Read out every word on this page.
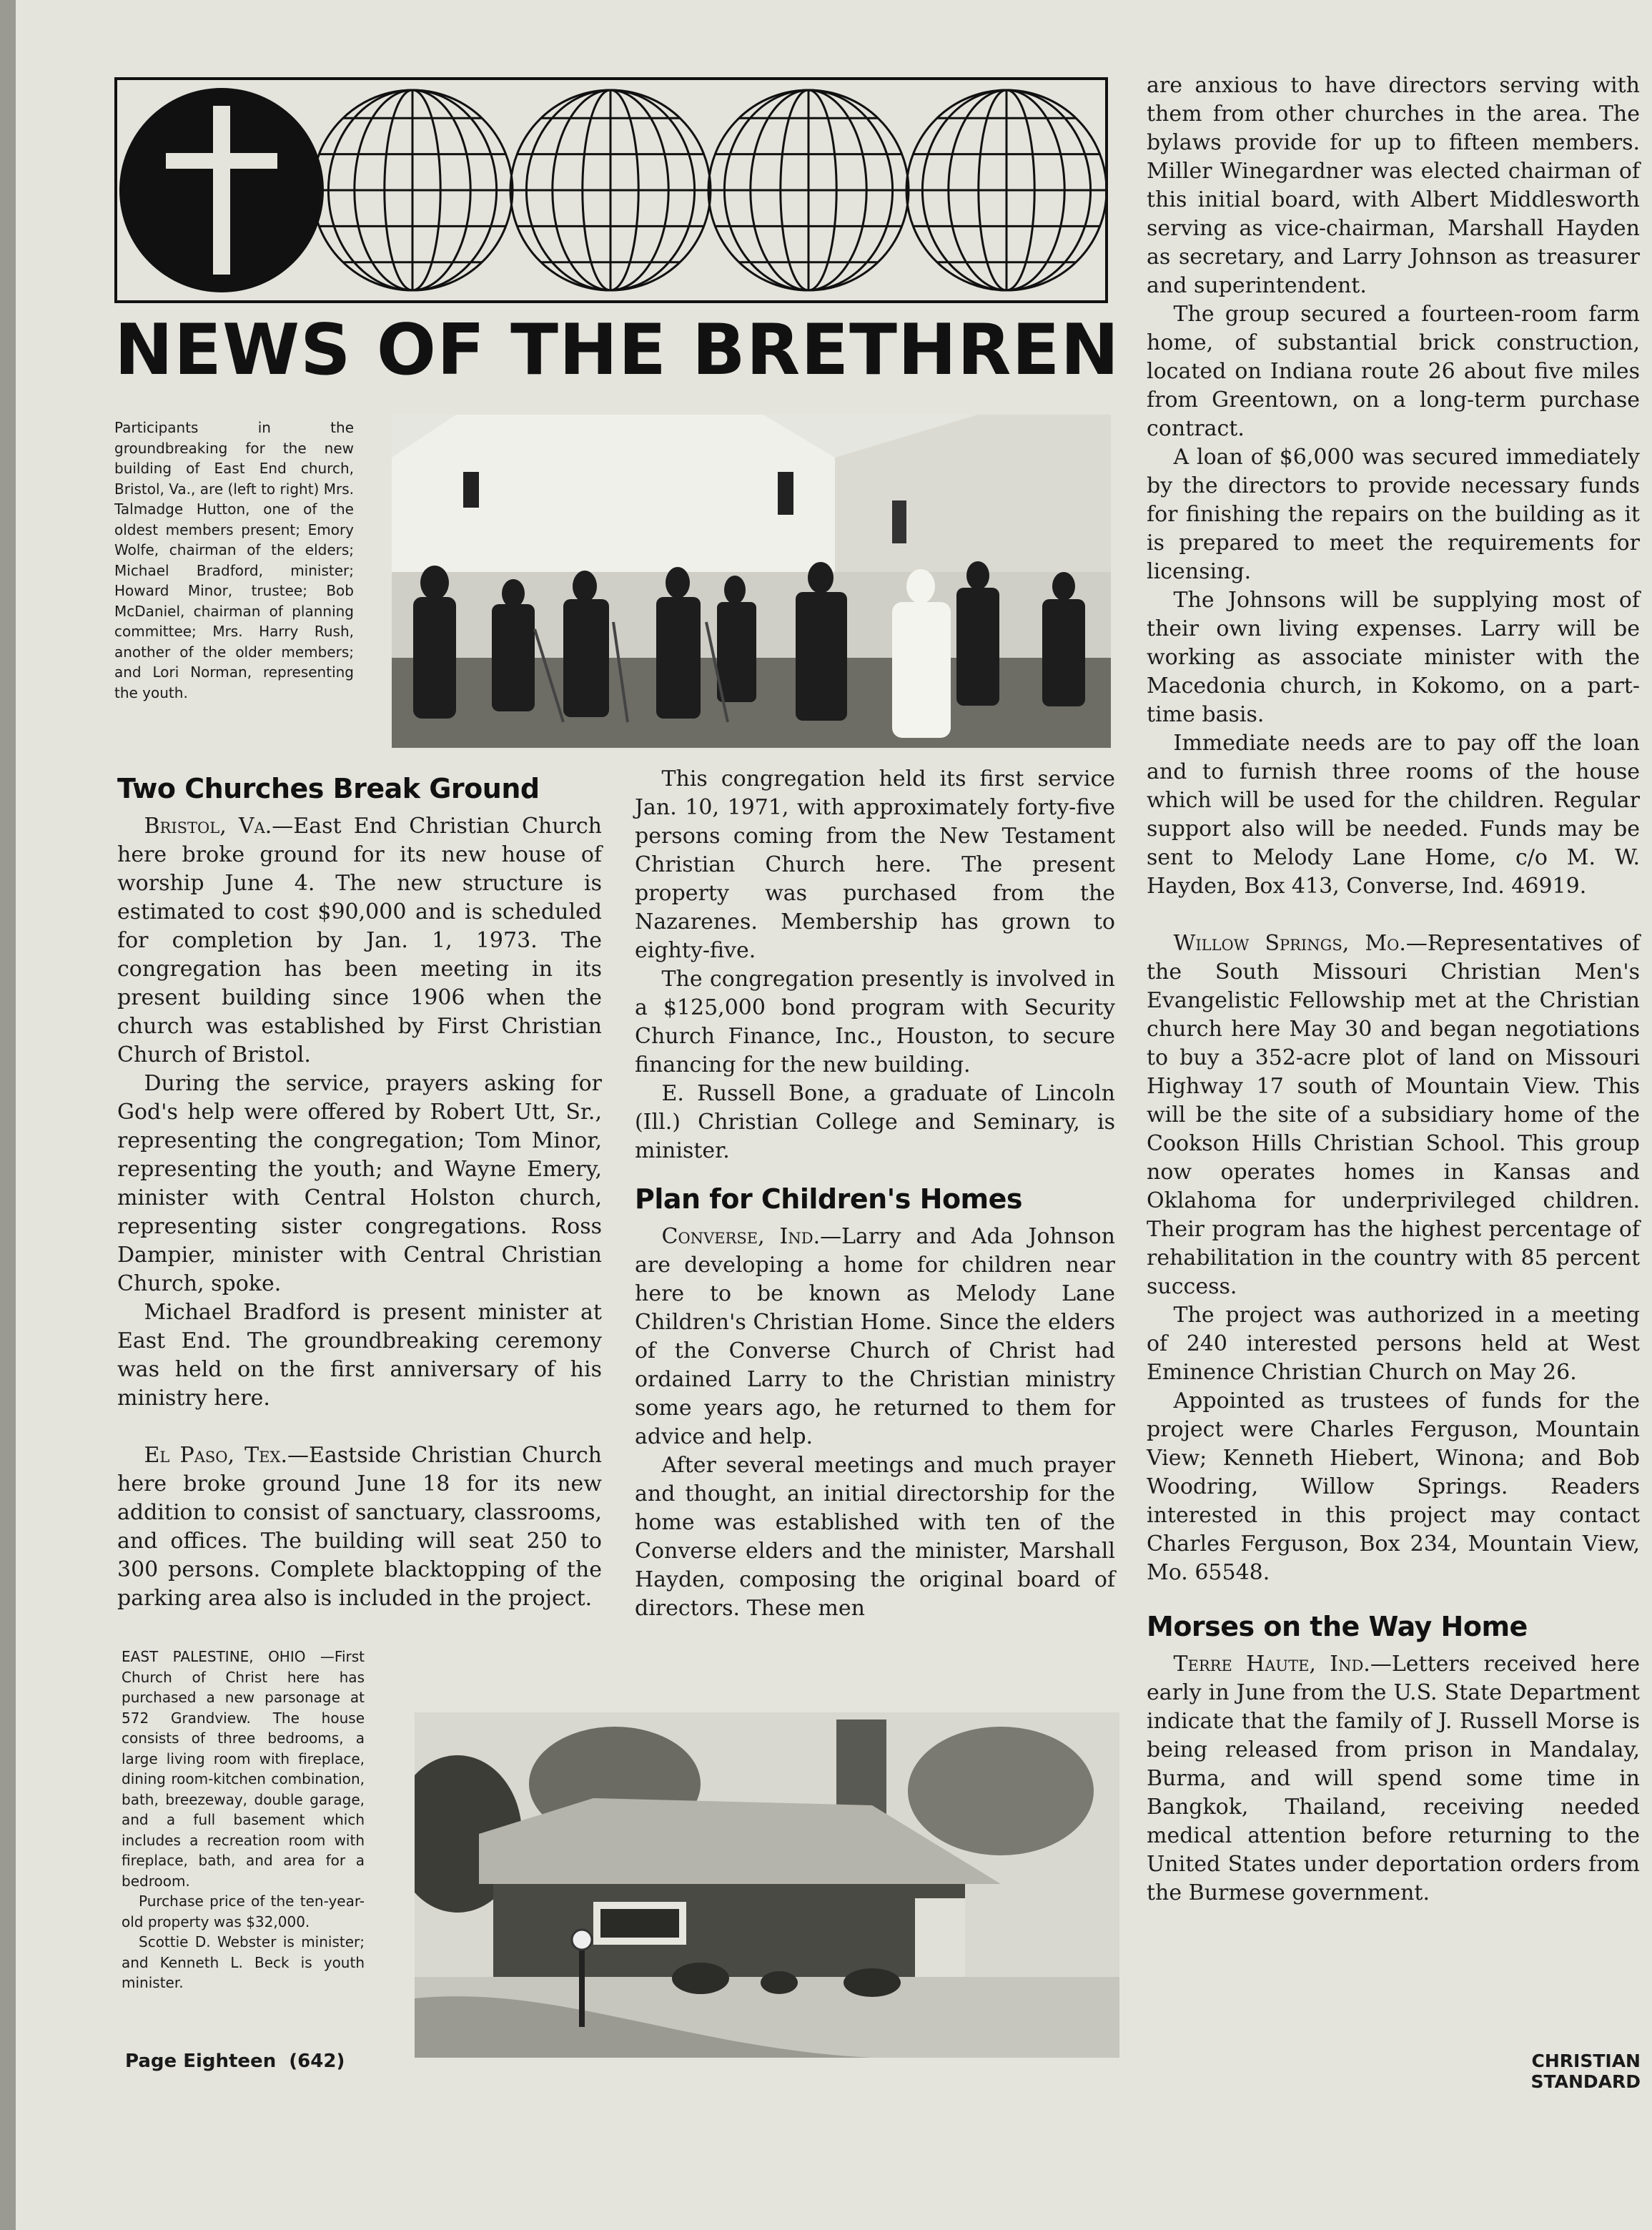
NEWS OF THE BRETHREN

Participants in the groundbreaking for the new building of East End church, Bristol, Va., are (left to right) Mrs. Talmadge Hutton, one of the oldest members present; Emory Wolfe, chairman of the elders; Michael Bradford, minister; Howard Minor, trustee; Bob McDaniel, chairman of planning committee; Mrs. Harry Rush, another of the older members; and Lori Norman, representing the youth.

Two Churches Break Ground

Bristol, Va.—East End Christian Church here broke ground for its new house of worship June 4. The new structure is estimated to cost $90,000 and is scheduled for completion by Jan. 1, 1973. The congregation has been meeting in its present building since 1906 when the church was established by First Christian Church of Bristol.

During the service, prayers asking for God's help were offered by Robert Utt, Sr., representing the congregation; Tom Minor, representing the youth; and Wayne Emery, minister with Central Holston church, representing sister congregations. Ross Dampier, minister with Central Christian Church, spoke.

Michael Bradford is present minister at East End. The groundbreaking ceremony was held on the first anniversary of his ministry here.

El Paso, Tex.—Eastside Christian Church here broke ground June 18 for its new addition to consist of sanctuary, classrooms, and offices. The building will seat 250 to 300 persons. Complete blacktopping of the parking area also is included in the project.

This congregation held its first service Jan. 10, 1971, with approximately forty-five persons coming from the New Testament Christian Church here. The present property was purchased from the Nazarenes. Membership has grown to eighty-five.

The congregation presently is involved in a $125,000 bond program with Security Church Finance, Inc., Houston, to secure financing for the new building.

E. Russell Bone, a graduate of Lincoln (Ill.) Christian College and Seminary, is minister.

Plan for Children's Homes

Converse, Ind.—Larry and Ada Johnson are developing a home for children near here to be known as Melody Lane Children's Christian Home. Since the elders of the Converse Church of Christ had ordained Larry to the Christian ministry some years ago, he returned to them for advice and help.

After several meetings and much prayer and thought, an initial directorship for the home was established with ten of the Converse elders and the minister, Marshall Hayden, composing the original board of directors. These men

are anxious to have directors serving with them from other churches in the area. The bylaws provide for up to fifteen members. Miller Winegardner was elected chairman of this initial board, with Albert Middlesworth serving as vice-chairman, Marshall Hayden as secretary, and Larry Johnson as treasurer and superintendent.

The group secured a fourteen-room farm home, of substantial brick construction, located on Indiana route 26 about five miles from Greentown, on a long-term purchase contract.

A loan of $6,000 was secured immediately by the directors to provide necessary funds for finishing the repairs on the building as it is prepared to meet the requirements for licensing.

The Johnsons will be supplying most of their own living expenses. Larry will be working as associate minister with the Macedonia church, in Kokomo, on a part-time basis.

Immediate needs are to pay off the loan and to furnish three rooms of the house which will be used for the children. Regular support also will be needed. Funds may be sent to Melody Lane Home, c/o M. W. Hayden, Box 413, Converse, Ind. 46919.

Willow Springs, Mo.—Representatives of the South Missouri Christian Men's Evangelistic Fellowship met at the Christian church here May 30 and began negotiations to buy a 352-acre plot of land on Missouri Highway 17 south of Mountain View. This will be the site of a subsidiary home of the Cookson Hills Christian School. This group now operates homes in Kansas and Oklahoma for underprivileged children. Their program has the highest percentage of rehabilitation in the country with 85 percent success.

The project was authorized in a meeting of 240 interested persons held at West Eminence Christian Church on May 26.

Appointed as trustees of funds for the project were Charles Ferguson, Mountain View; Kenneth Hiebert, Winona; and Bob Woodring, Willow Springs. Readers interested in this project may contact Charles Ferguson, Box 234, Mountain View, Mo. 65548.

Morses on the Way Home

Terre Haute, Ind.—Letters received here early in June from the U.S. State Department indicate that the family of J. Russell Morse is being released from prison in Mandalay, Burma, and will spend some time in Bangkok, Thailand, receiving needed medical attention before returning to the United States under deportation orders from the Burmese government.

EAST PALESTINE, OHIO —First Church of Christ here has purchased a new parsonage at 572 Grandview. The house consists of three bedrooms, a large living room with fireplace, dining room-kitchen combination, bath, breezeway, double garage, and a full basement which includes a recreation room with fireplace, bath, and area for a bedroom.

Purchase price of the ten-year-old property was $32,000.

Scottie D. Webster is minister; and Kenneth L. Beck is youth minister.

Page Eighteen  (642)	CHRISTIAN STANDARD
